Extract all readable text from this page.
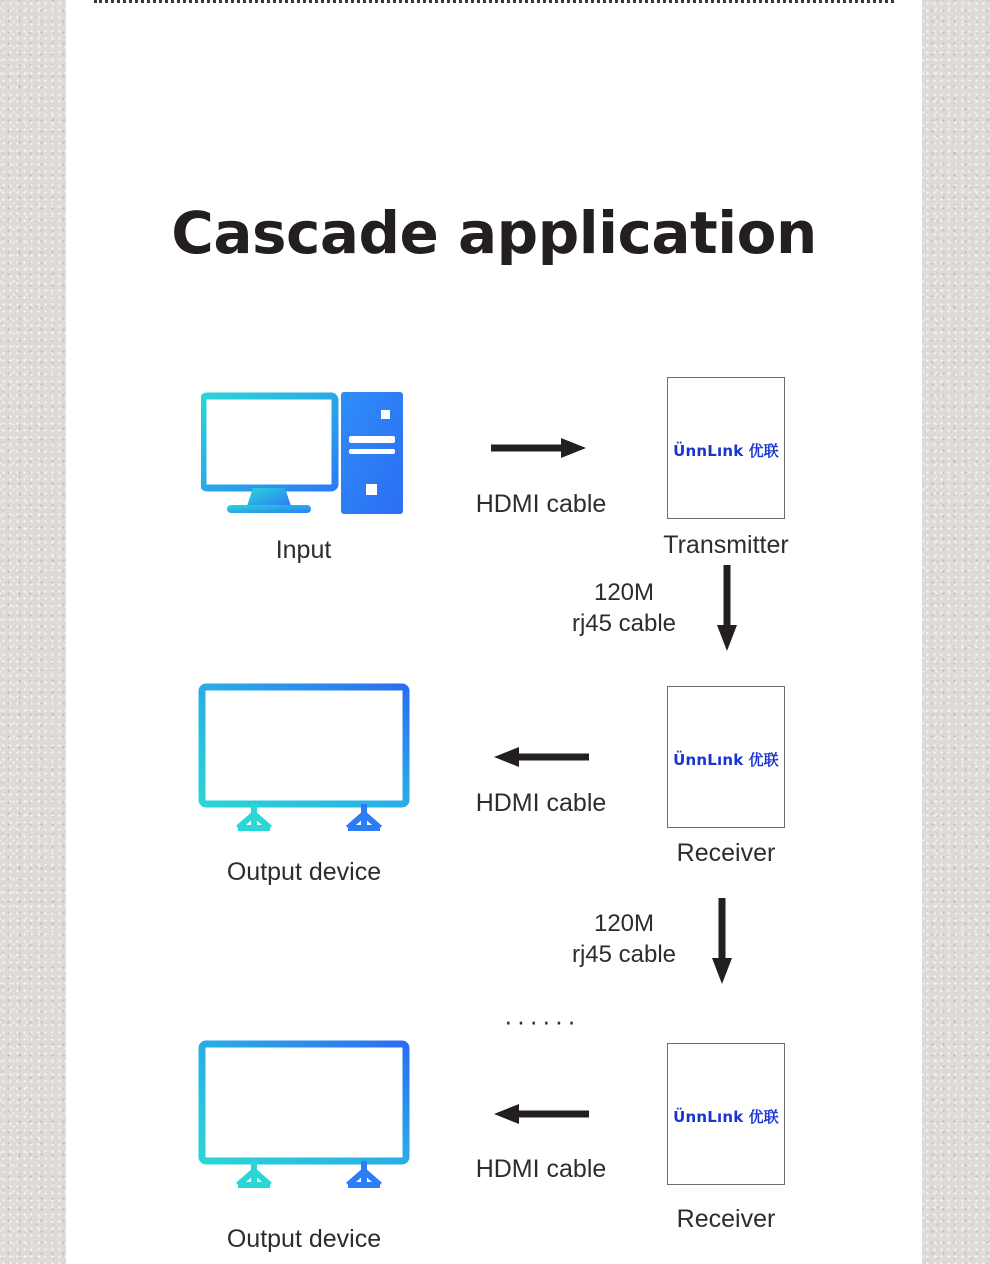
Cascade application
Input
HDMI cable
ÜnnLınk 优联
Transmitter
120M
rj45 cable
Output device
HDMI cable
ÜnnLınk 优联
Receiver
120M
rj45 cable
······
Output device
HDMI cable
ÜnnLınk 优联
Receiver
